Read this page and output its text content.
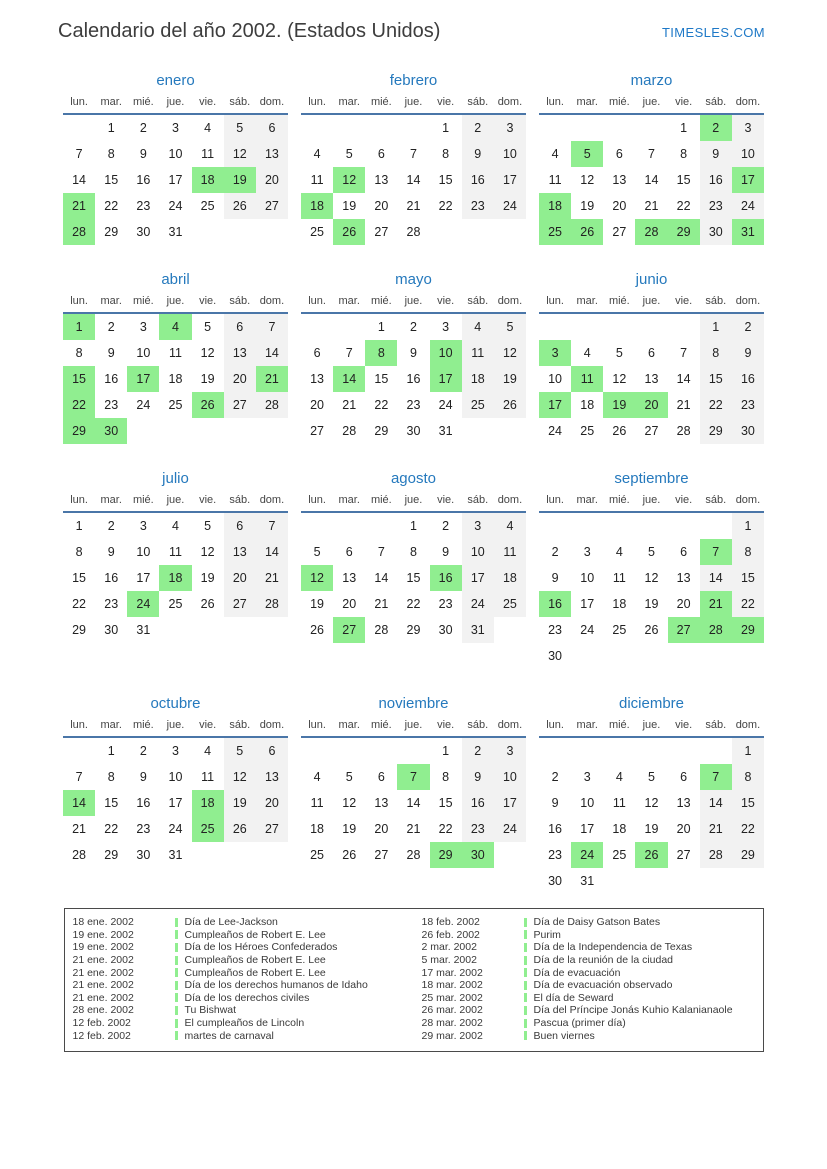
Calendario del año 2002. (Estados Unidos)	TIMESLES.COM
enero
lun.	mar.	mié.	jue.	vie.	sáb.	dom.
	1	2	3	4	5	6
7	8	9	10	11	12	13
14	15	16	17	18	19	20
21	22	23	24	25	26	27
28	29	30	31			
febrero
lun.	mar.	mié.	jue.	vie.	sáb.	dom.
				1	2	3
4	5	6	7	8	9	10
11	12	13	14	15	16	17
18	19	20	21	22	23	24
25	26	27	28			
marzo
lun.	mar.	mié.	jue.	vie.	sáb.	dom.
				1	2	3
4	5	6	7	8	9	10
11	12	13	14	15	16	17
18	19	20	21	22	23	24
25	26	27	28	29	30	31
abril
lun.	mar.	mié.	jue.	vie.	sáb.	dom.
1	2	3	4	5	6	7
8	9	10	11	12	13	14
15	16	17	18	19	20	21
22	23	24	25	26	27	28
29	30					
mayo
lun.	mar.	mié.	jue.	vie.	sáb.	dom.
		1	2	3	4	5
6	7	8	9	10	11	12
13	14	15	16	17	18	19
20	21	22	23	24	25	26
27	28	29	30	31		
junio
lun.	mar.	mié.	jue.	vie.	sáb.	dom.
					1	2
3	4	5	6	7	8	9
10	11	12	13	14	15	16
17	18	19	20	21	22	23
24	25	26	27	28	29	30
julio
lun.	mar.	mié.	jue.	vie.	sáb.	dom.
1	2	3	4	5	6	7
8	9	10	11	12	13	14
15	16	17	18	19	20	21
22	23	24	25	26	27	28
29	30	31				
agosto
lun.	mar.	mié.	jue.	vie.	sáb.	dom.
			1	2	3	4
5	6	7	8	9	10	11
12	13	14	15	16	17	18
19	20	21	22	23	24	25
26	27	28	29	30	31	
septiembre
lun.	mar.	mié.	jue.	vie.	sáb.	dom.
						1
2	3	4	5	6	7	8
9	10	11	12	13	14	15
16	17	18	19	20	21	22
23	24	25	26	27	28	29
30						
octubre
lun.	mar.	mié.	jue.	vie.	sáb.	dom.
	1	2	3	4	5	6
7	8	9	10	11	12	13
14	15	16	17	18	19	20
21	22	23	24	25	26	27
28	29	30	31			
noviembre
lun.	mar.	mié.	jue.	vie.	sáb.	dom.
				1	2	3
4	5	6	7	8	9	10
11	12	13	14	15	16	17
18	19	20	21	22	23	24
25	26	27	28	29	30	
diciembre
lun.	mar.	mié.	jue.	vie.	sáb.	dom.
						1
2	3	4	5	6	7	8
9	10	11	12	13	14	15
16	17	18	19	20	21	22
23	24	25	26	27	28	29
30	31					
18 ene. 2002	Día de Lee-Jackson
19 ene. 2002	Cumpleaños de Robert E. Lee
19 ene. 2002	Día de los Héroes Confederados
21 ene. 2002	Cumpleaños de Robert E. Lee
21 ene. 2002	Cumpleaños de Robert E. Lee
21 ene. 2002	Día de los derechos humanos de Idaho
21 ene. 2002	Día de los derechos civiles
28 ene. 2002	Tu Bishwat
12 feb. 2002	El cumpleaños de Lincoln
12 feb. 2002	martes de carnaval
18 feb. 2002	Día de Daisy Gatson Bates
26 feb. 2002	Purim
2 mar. 2002	Día de la Independencia de Texas
5 mar. 2002	Día de la reunión de la ciudad
17 mar. 2002	Día de evacuación
18 mar. 2002	Día de evacuación observado
25 mar. 2002	El día de Seward
26 mar. 2002	Día del Príncipe Jonás Kuhio Kalanianaole
28 mar. 2002	Pascua (primer día)
29 mar. 2002	Buen viernes
